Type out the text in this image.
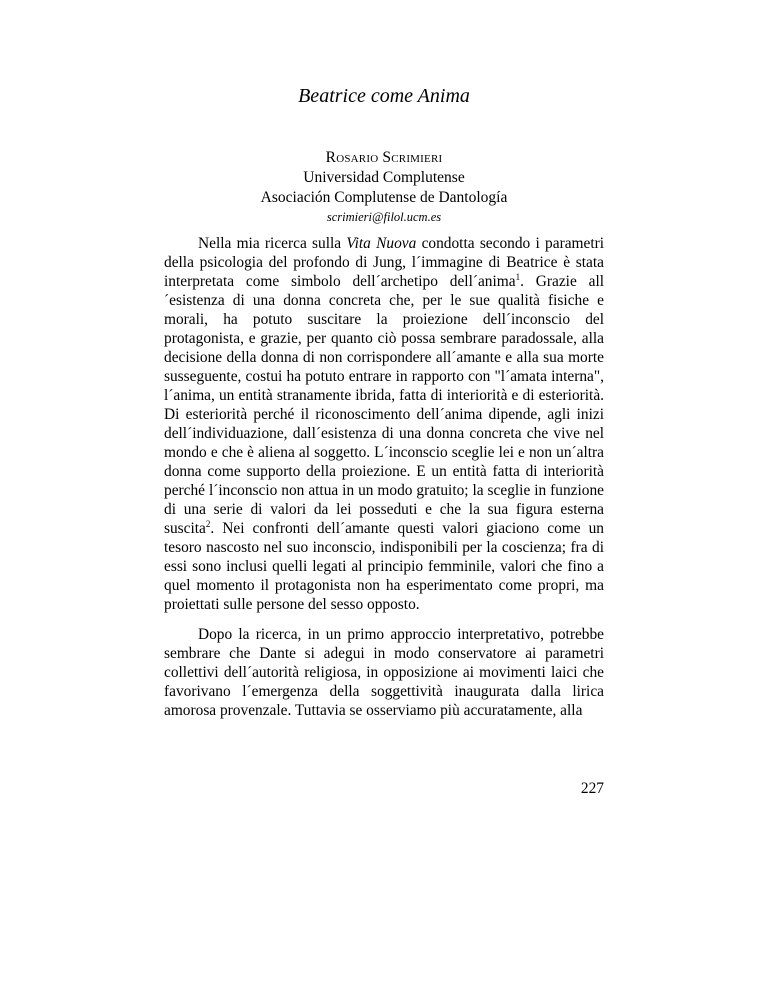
Beatrice come Anima
Rosario Scrimieri
Universidad Complutense
Asociación Complutense de Dantología
scrimieri@filol.ucm.es

Nella mia ricerca sulla Vita Nuova condotta secondo i parametri della psicologia del profondo di Jung, l´immagine di Beatrice è stata interpretata come simbolo dell´archetipo dell´anima$^1$. Grazie all´esistenza di una donna concreta che, per le sue qualità fisiche e morali, ha potuto suscitare la proiezione dell´inconscio del protagonista, e grazie, per quanto ciò possa sembrare paradossale, alla decisione della donna di non corrispondere all´amante e alla sua morte susseguente, costui ha potuto entrare in rapporto con "l´amata interna", l´anima, un entità stranamente ibrida, fatta di interiorità e di esteriorità. Di esteriorità perché il riconoscimento dell´anima dipende, agli inizi dell´individuazione, dall´esistenza di una donna concreta che vive nel mondo e che è aliena al soggetto. L´inconscio sceglie lei e non un´altra donna come supporto della proiezione. E un entità fatta di interiorità perché l´inconscio non attua in un modo gratuito; la sceglie in funzione di una serie di valori da lei posseduti e che la sua figura esterna suscita$^2$. Nei confronti dell´amante questi valori giaciono come un tesoro nascosto nel suo inconscio, indisponibili per la coscienza; fra di essi sono inclusi quelli legati al principio femminile, valori che fino a quel momento il protagonista non ha esperimentato come propri, ma proiettati sulle persone del sesso opposto.

Dopo la ricerca, in un primo approccio interpretativo, potrebbe sembrare che Dante si adegui in modo conservatore ai parametri collettivi dell´autorità religiosa, in opposizione ai movimenti laici che favorivano l´emergenza della soggettività inaugurata dalla lirica amorosa provenzale. Tuttavia se osserviamo più accuratamente, alla

227
